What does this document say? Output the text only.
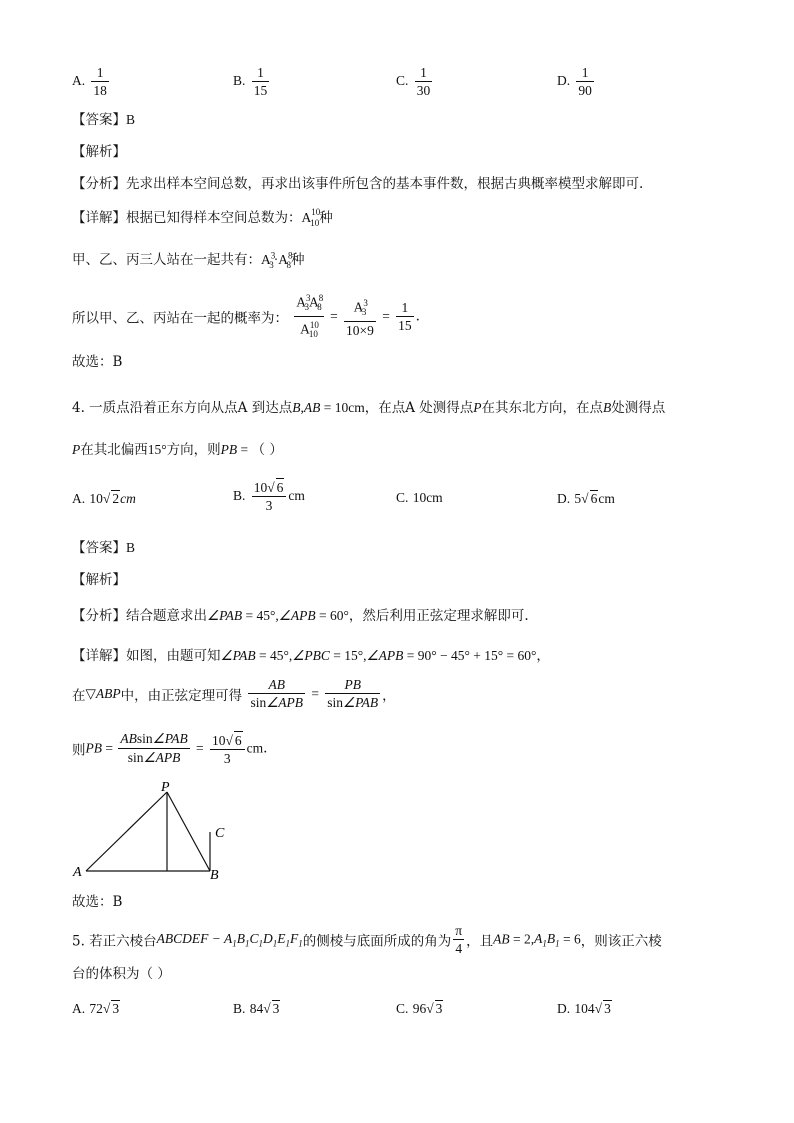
A. $\frac{1}{18}$	B. $\frac{1}{15}$	C. $\frac{1}{30}$	D. $\frac{1}{90}$
【答案】B
【解析】
【分析】先求出样本空间总数，再求出该事件所包含的基本事件数，根据古典概率模型求解即可.
【详解】根据已知得样本空间总数为：$A^{10}_{10}$种
甲、乙、丙三人站在一起共有：$A^3_3\cdot A^8_8$种
所以甲、乙、丙站在一起的概率为： $\frac{A^3_3A^8_8}{A^{10}_{10}} = \frac{A^3_3}{10\times 9} = \frac{1}{15}$ .
故选：B
4. 一质点沿着正东方向从点A 到达点B,AB = 10cm，在点A 处测得点P在其东北方向，在点B处测得点
P在其北偏西15°方向，则PB = （ ）
A. 10√ 2cm	B. $\frac{10√ 6}{3}$ cm	C. 10cm	D. 5√ 6cm
【答案】B
【解析】
【分析】结合题意求出∠PAB = 45°,∠APB = 60°，然后利用正弦定理求解即可.
【详解】如图，由题可知∠PAB = 45°,∠PBC = 15°,∠APB = 90° − 45° + 15° = 60°，
在▽ABP中，由正弦定理可得 $\frac{AB}{\text{sin∠APB}} = \frac{PB}{\text{sin∠PAB}}$ ，
则PB = $\frac{\text{ABsin∠PAB}}{\text{sin∠APB}} = \frac{10√ 6}{3}$ cm.
P
C
A	B
故选：B
5. 若正六棱台ABCDEF − $A_1B_1C_1D_1E_1F_1$的侧棱与底面所成的角为 $\frac{\pi}{4}$ ，且AB = $2,A_1B_1 = 6$，则该正六棱
台的体积为（ ）
A. 72√ 3	B. 84√ 3	C. 96√ 3	D. 104√ 3
